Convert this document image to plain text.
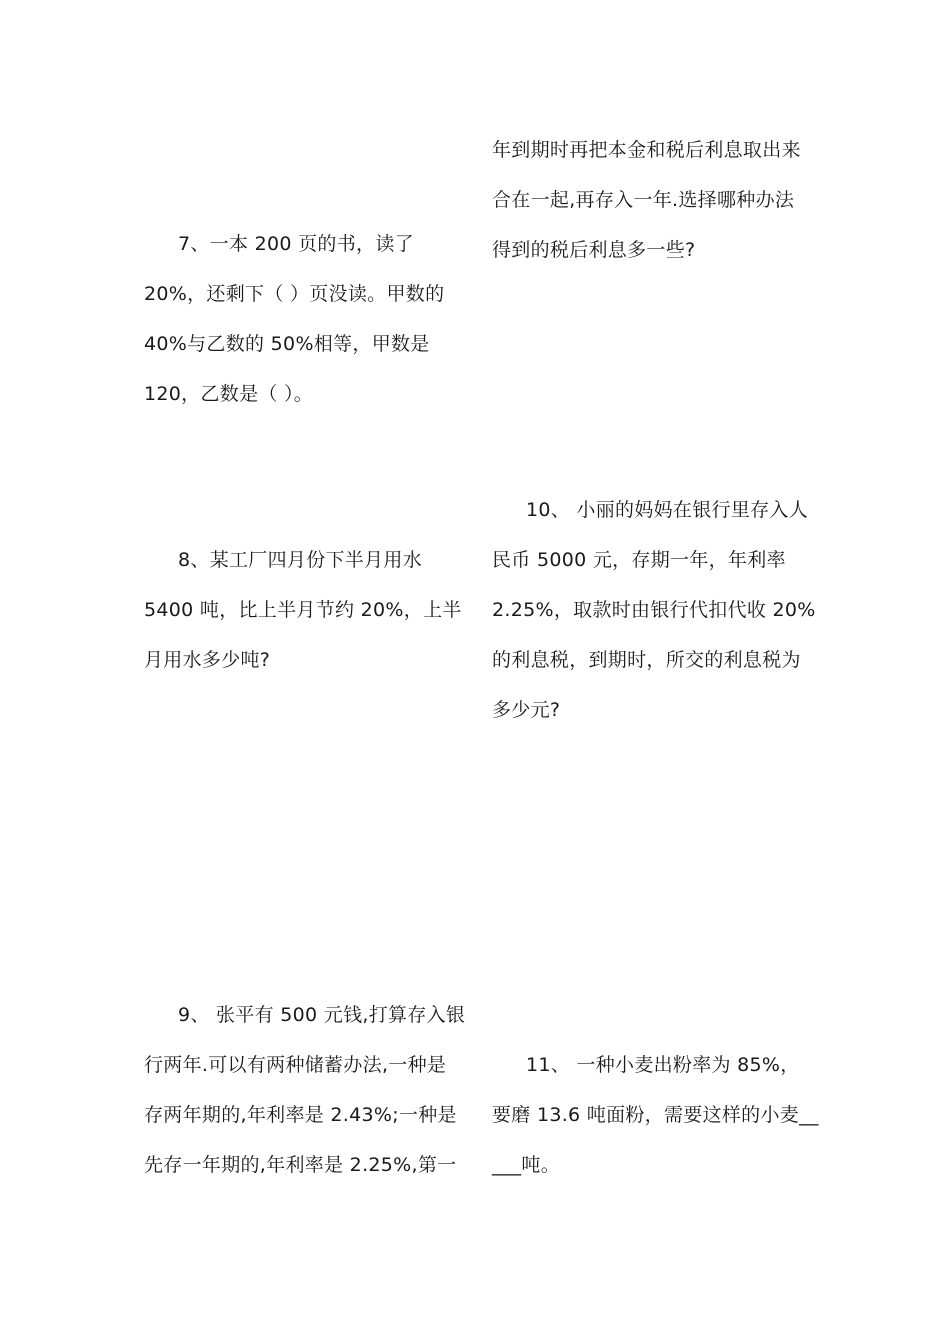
年到期时再把本金和税后利息取出来
合在一起,再存入一年.选择哪种办法
得到的税后利息多一些?
7、一本 200 页的书，读了
20%，还剩下（ ）页没读。甲数的
40%与乙数的 50%相等，甲数是
120，乙数是（ ）。
10、 小丽的妈妈在银行里存入人
民币 5000 元，存期一年，年利率
2.25%，取款时由银行代扣代收 20%
的利息税，到期时，所交的利息税为
多少元?
8、某工厂四月份下半月用水
5400 吨，比上半月节约 20%，上半
月用水多少吨?
9、 张平有 500 元钱,打算存入银
行两年.可以有两种储蓄办法,一种是
存两年期的,年利率是 2.43%;一种是
先存一年期的,年利率是 2.25%,第一
11、 一种小麦出粉率为 85%，
要磨 13.6 吨面粉，需要这样的小麦__
___吨。
